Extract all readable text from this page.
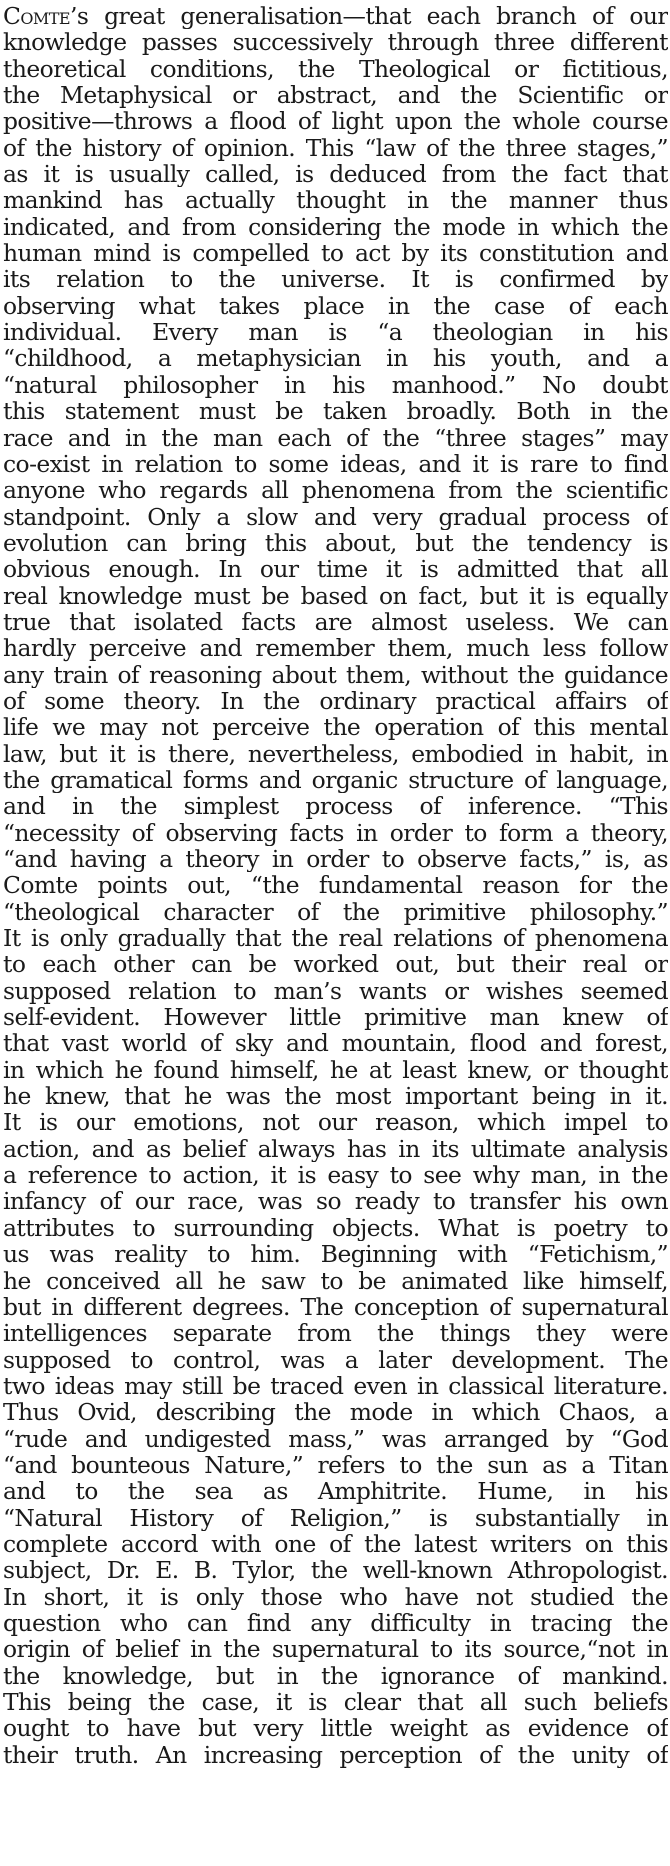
Comte’s great generalisation—that each branch of our
knowledge passes successively through three different
theoretical conditions, the Theological or fictitious,
the Metaphysical or abstract, and the Scientific or
positive—throws a flood of light upon the whole course
of the history of opinion. This “law of the three stages,”
as it is usually called, is deduced from the fact that
mankind has actually thought in the manner thus
indicated, and from considering the mode in which the
human mind is compelled to act by its constitution and
its relation to the universe. It is confirmed by
observing what takes place in the case of each
individual. Every man is “a theologian in his
“childhood, a metaphysician in his youth, and a
“natural philosopher in his manhood.” No doubt
this statement must be taken broadly. Both in the
race and in the man each of the “three stages” may
co-exist in relation to some ideas, and it is rare to find
anyone who regards all phenomena from the scientific
standpoint. Only a slow and very gradual process of
evolution can bring this about, but the tendency is
obvious enough. In our time it is admitted that all
real knowledge must be based on fact, but it is equally
true that isolated facts are almost useless. We can
hardly perceive and remember them, much less follow
any train of reasoning about them, without the guidance
of some theory. In the ordinary practical affairs of
life we may not perceive the operation of this mental
law, but it is there, nevertheless, embodied in habit, in
the gramatical forms and organic structure of language,
and in the simplest process of inference. “This
“necessity of observing facts in order to form a theory,
“and having a theory in order to observe facts,” is, as
Comte points out, “the fundamental reason for the
“theological character of the primitive philosophy.”
It is only gradually that the real relations of phenomena
to each other can be worked out, but their real or
supposed relation to man’s wants or wishes seemed
self-evident. However little primitive man knew of
that vast world of sky and mountain, flood and forest,
in which he found himself, he at least knew, or thought
he knew, that he was the most important being in it.
It is our emotions, not our reason, which impel to
action, and as belief always has in its ultimate analysis
a reference to action, it is easy to see why man, in the
infancy of our race, was so ready to transfer his own
attributes to surrounding objects. What is poetry to
us was reality to him. Beginning with “Fetichism,”
he conceived all he saw to be animated like himself,
but in different degrees. The conception of supernatural
intelligences separate from the things they were
supposed to control, was a later development. The
two ideas may still be traced even in classical literature.
Thus Ovid, describing the mode in which Chaos, a
“rude and undigested mass,” was arranged by “God
“and bounteous Nature,” refers to the sun as a Titan
and to the sea as Amphitrite. Hume, in his
“Natural History of Religion,” is substantially in
complete accord with one of the latest writers on this
subject, Dr. E. B. Tylor, the well-known Athropologist.
In short, it is only those who have not studied the
question who can find any difficulty in tracing the
origin of belief in the supernatural to its source,“not in
the knowledge, but in the ignorance of mankind.
This being the case, it is clear that all such beliefs
ought to have but very little weight as evidence of
their truth. An increasing perception of the unity of
